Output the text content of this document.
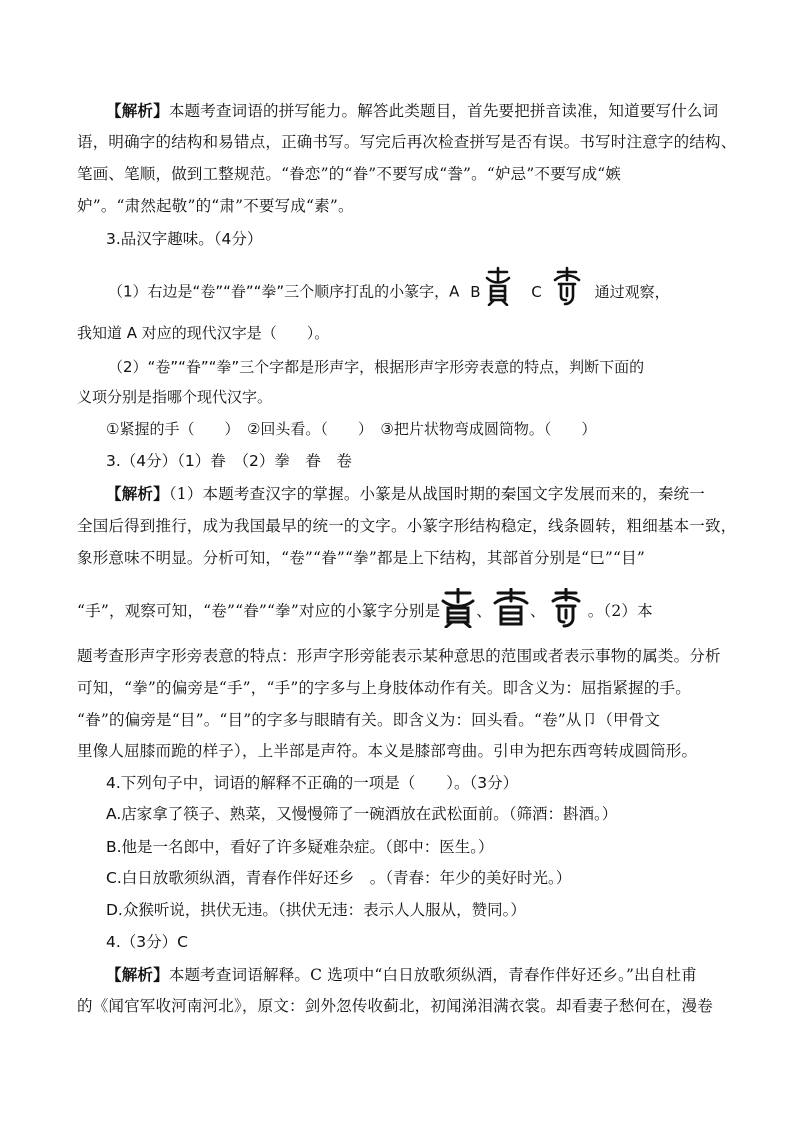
【解析】本题考查词语的拼写能力。解答此类题目，首先要把拼音读准，知道要写什么词
语，明确字的结构和易错点，正确书写。写完后再次检查拼写是否有误。书写时注意字的结构、
笔画、笔顺，做到工整规范。“眷恋”的“眷”不要写成“誊”。“妒忌”不要写成“嫉
妒”。“肃然起敬”的“肃”不要写成“素”。
3.品汉字趣味。（4分）
（1）右边是“卷”“眷”“拳”三个顺序打乱的小篆字，A B	C	通过观察，
我知道 A 对应的现代汉字是（　　）。
（2）“卷”“眷”“拳”三个字都是形声字，根据形声字形旁表意的特点，判断下面的
义项分别是指哪个现代汉字。
①紧握的手（　　）　②回头看。（　　）　③把片状物弯成圆筒物。（　　）
3.（4分）（1）眷　（2）拳　眷　卷
【解析】（1）本题考查汉字的掌握。小篆是从战国时期的秦国文字发展而来的，秦统一
全国后得到推行，成为我国最早的统一的文字。小篆字形结构稳定，线条圆转，粗细基本一致，
象形意味不明显。分析可知，“卷”“眷”“拳”都是上下结构，其部首分别是“巳”“目”
“手”，观察可知，“卷”“眷”“拳”对应的小篆字分别是 、 、	。（2）本
题考查形声字形旁表意的特点：形声字形旁能表示某种意思的范围或者表示事物的属类。分析
可知，“拳”的偏旁是“手”，“手”的字多与上身肢体动作有关。即含义为：屈指紧握的手。
“眷”的偏旁是“目”。“目”的字多与眼睛有关。即含义为：回头看。“卷”从卩（甲骨文
里像人屈膝而跪的样子），上半部是声符。本义是膝部弯曲。引申为把东西弯转成圆筒形。
4.下列句子中，词语的解释不正确的一项是（　　）。（3分）
A.店家拿了筷子、熟菜，又慢慢筛了一碗酒放在武松面前。（筛酒：斟酒。）
B.他是一名郎中，看好了许多疑难杂症。（郎中：医生。）
C.白日放歌须纵酒，青春作伴好还乡　。（青春：年少的美好时光。）
D.众猴听说，拱伏无违。（拱伏无违：表示人人服从，赞同。）
4.（3分）C
【解析】本题考查词语解释。C 选项中“白日放歌须纵酒，青春作伴好还乡。”出自杜甫
的《闻官军收河南河北》，原文：剑外忽传收蓟北，初闻涕泪满衣裳。却看妻子愁何在，漫卷
